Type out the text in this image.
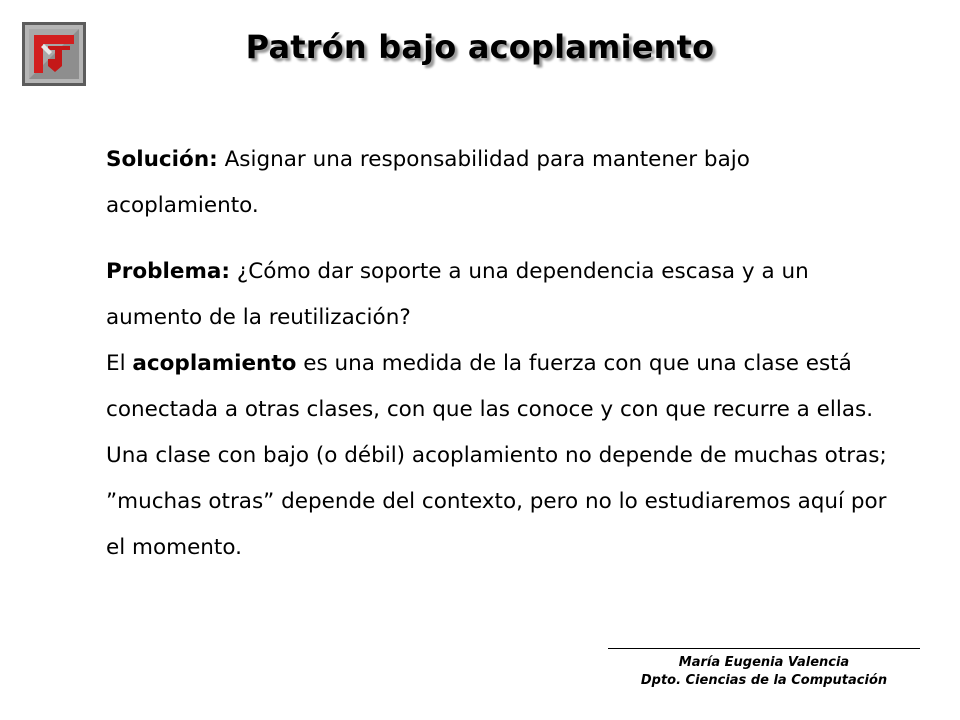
Patrón bajo acoplamiento

Solución: Asignar una responsabilidad para mantener bajo acoplamiento.

Problema: ¿Cómo dar soporte a una dependencia escasa y a un aumento de la reutilización?
El acoplamiento es una medida de la fuerza con que una clase está conectada a otras clases, con que las conoce y con que recurre a ellas. Una clase con bajo (o débil) acoplamiento no depende de muchas otras; ”muchas otras” depende del contexto, pero no lo estudiaremos aquí por el momento.

María Eugenia Valencia
Dpto. Ciencias de la Computación
